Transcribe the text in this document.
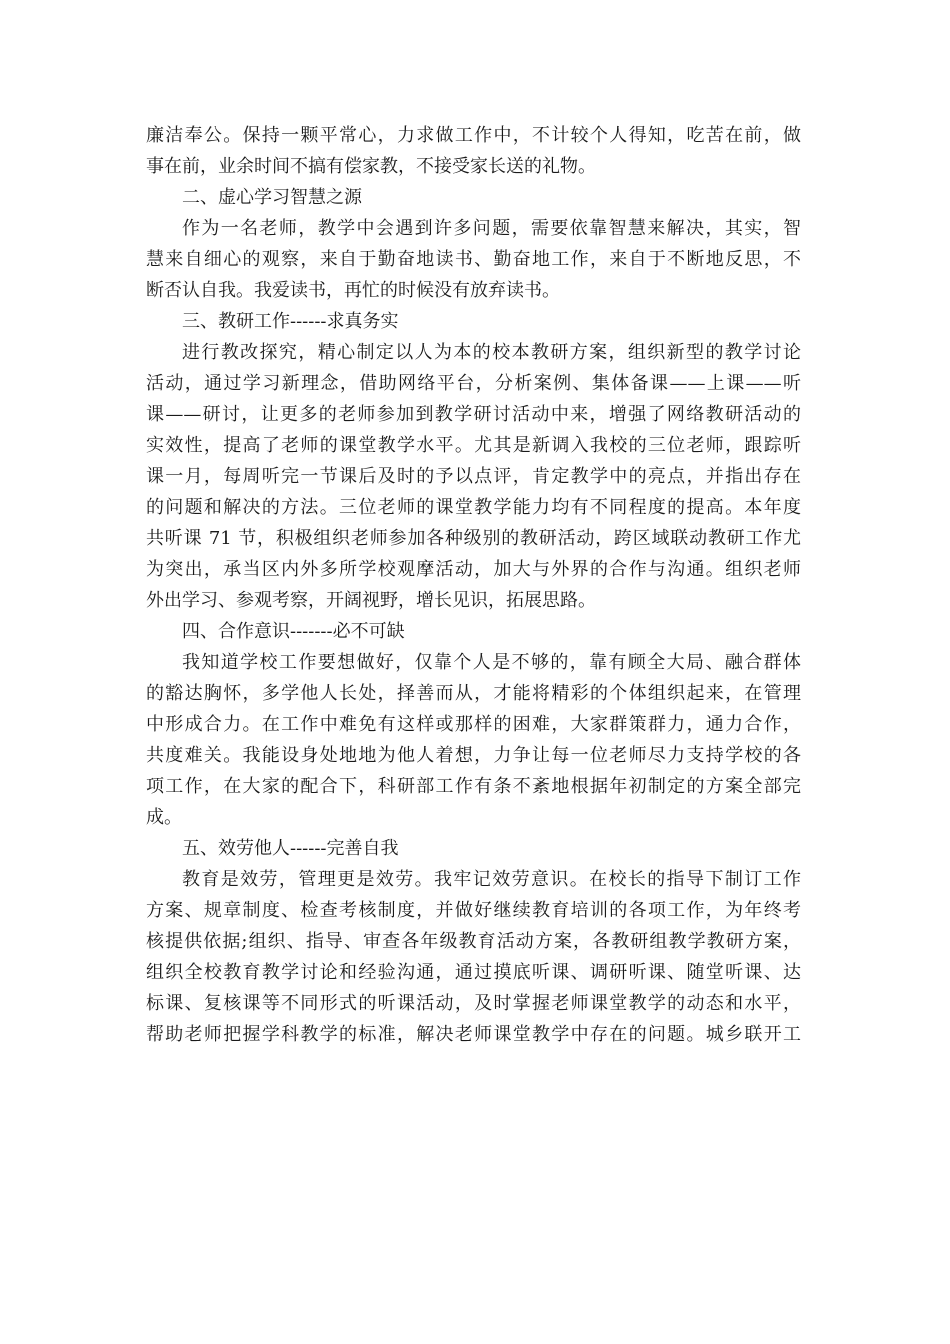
廉洁奉公。保持一颗平常心，力求做工作中，不计较个人得知，吃苦在前，做
事在前，业余时间不搞有偿家教，不接受家长送的礼物。
二、虚心学习智慧之源
作为一名老师，教学中会遇到许多问题，需要依靠智慧来解决，其实，智
慧来自细心的观察，来自于勤奋地读书、勤奋地工作，来自于不断地反思，不
断否认自我。我爱读书，再忙的时候没有放弃读书。
三、教研工作------求真务实
进行教改探究，精心制定以人为本的校本教研方案，组织新型的教学讨论
活动，通过学习新理念，借助网络平台，分析案例、集体备课——上课——听
课——研讨，让更多的老师参加到教学研讨活动中来，增强了网络教研活动的
实效性，提高了老师的课堂教学水平。尤其是新调入我校的三位老师，跟踪听
课一月，每周听完一节课后及时的予以点评，肯定教学中的亮点，并指出存在
的问题和解决的方法。三位老师的课堂教学能力均有不同程度的提高。本年度
共听课 71 节，积极组织老师参加各种级别的教研活动，跨区域联动教研工作尤
为突出，承当区内外多所学校观摩活动，加大与外界的合作与沟通。组织老师
外出学习、参观考察，开阔视野，增长见识，拓展思路。
四、合作意识-------必不可缺
我知道学校工作要想做好，仅靠个人是不够的，靠有顾全大局、融合群体
的豁达胸怀，多学他人长处，择善而从，才能将精彩的个体组织起来，在管理
中形成合力。在工作中难免有这样或那样的困难，大家群策群力，通力合作，
共度难关。我能设身处地地为他人着想，力争让每一位老师尽力支持学校的各
项工作，在大家的配合下，科研部工作有条不紊地根据年初制定的方案全部完
成。
五、效劳他人------完善自我
教育是效劳，管理更是效劳。我牢记效劳意识。在校长的指导下制订工作
方案、规章制度、检查考核制度，并做好继续教育培训的各项工作，为年终考
核提供依据;组织、指导、审查各年级教育活动方案，各教研组教学教研方案，
组织全校教育教学讨论和经验沟通，通过摸底听课、调研听课、随堂听课、达
标课、复核课等不同形式的听课活动，及时掌握老师课堂教学的动态和水平，
帮助老师把握学科教学的标准，解决老师课堂教学中存在的问题。城乡联开工
